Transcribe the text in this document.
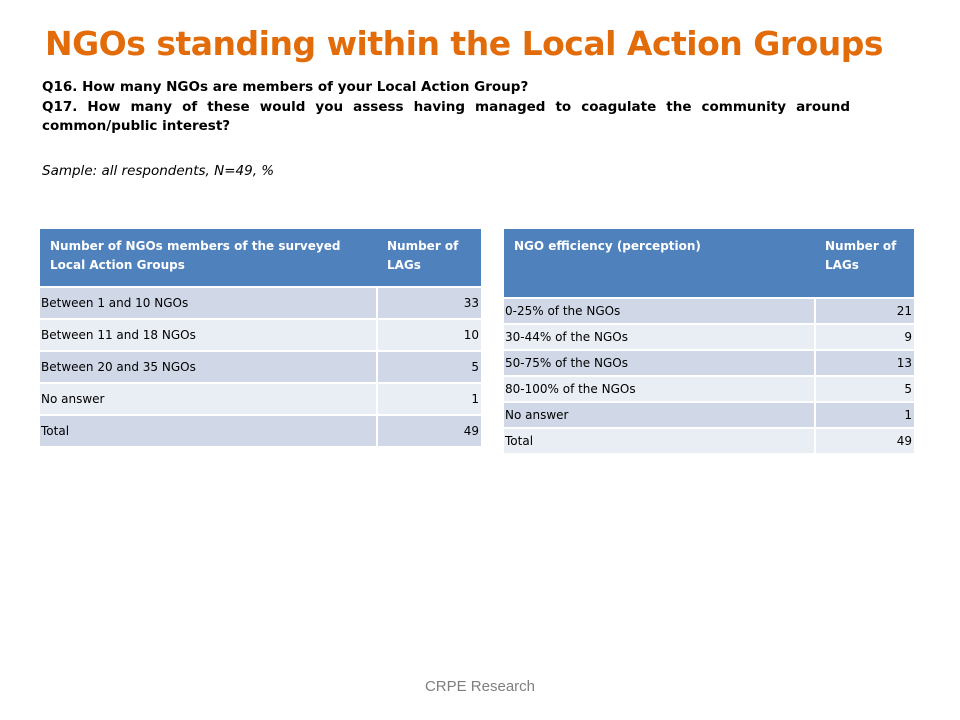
NGOs standing within the Local Action Groups

Q16. How many NGOs are members of your Local Action Group?

Q17. How many of these would you assess having managed to coagulate the community around common/public interest?

Sample: all respondents, N=49, %
Number of NGOs members of the surveyed Local Action Groups	Number of LAGs
Between 1 and 10 NGOs	33
Between 11 and 18 NGOs	10
Between 20 and 35 NGOs	5
No answer	1
Total	49
NGO efficiency (perception)	Number of LAGs
0-25% of the NGOs	21
30-44% of the NGOs	9
50-75% of the NGOs	13
80-100% of the NGOs	5
No answer	1
Total	49
CRPE Research
